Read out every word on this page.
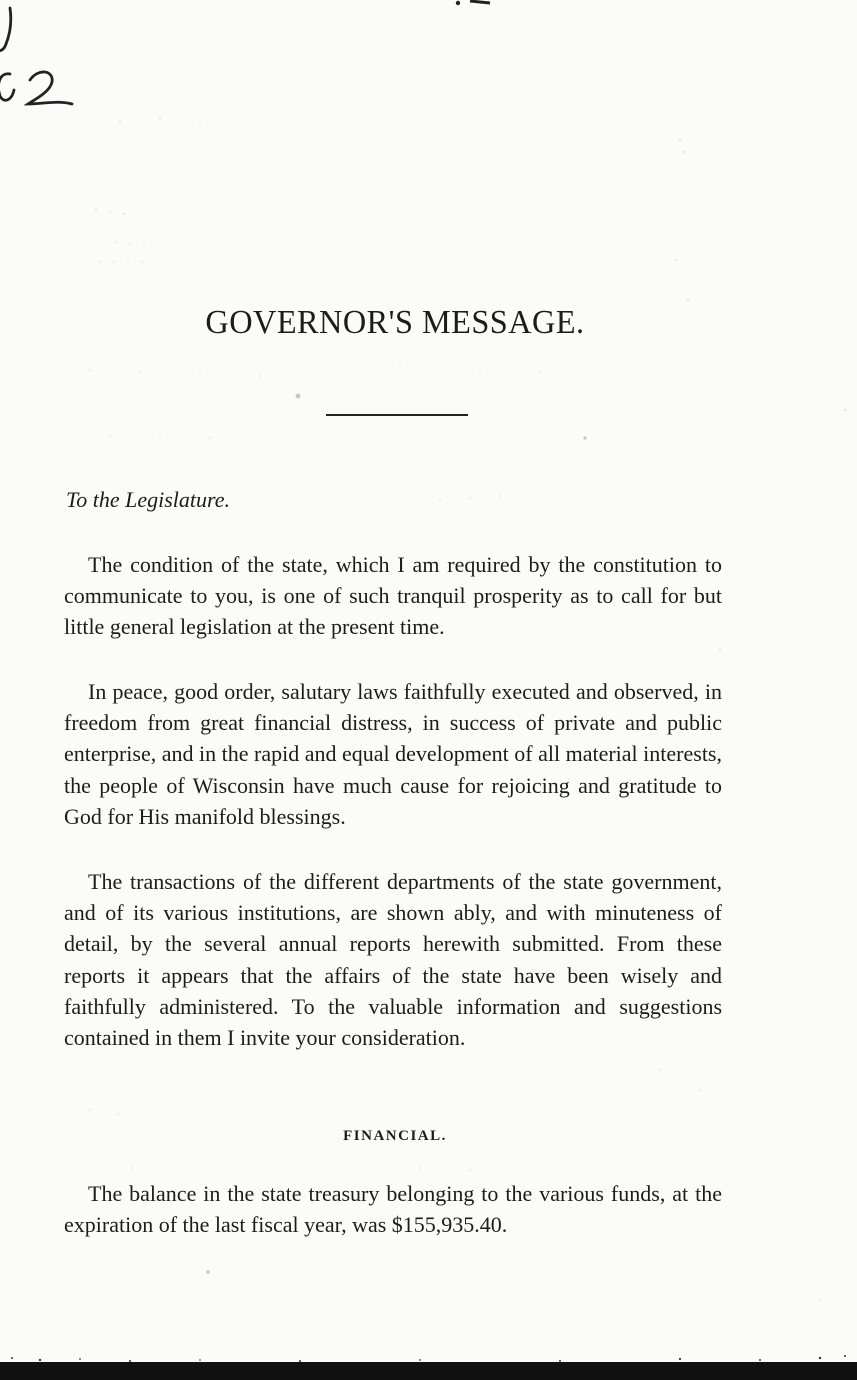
GOVERNOR'S MESSAGE.

To the Legislature.

The condition of the state, which I am required by the constitution to communicate to you, is one of such tranquil prosperity as to call for but little general legislation at the present time.

In peace, good order, salutary laws faithfully executed and observed, in freedom from great financial distress, in success of private and public enterprise, and in the rapid and equal development of all material interests, the people of Wisconsin have much cause for rejoicing and gratitude to God for His manifold blessings.

The transactions of the different departments of the state government, and of its various institutions, are shown ably, and with minuteness of detail, by the several annual reports herewith submitted. From these reports it appears that the affairs of the state have been wisely and faithfully administered. To the valuable information and suggestions contained in them I invite your consideration.

FINANCIAL.

The balance in the state treasury belonging to the various funds, at the expiration of the last fiscal year, was $155,935.40.
